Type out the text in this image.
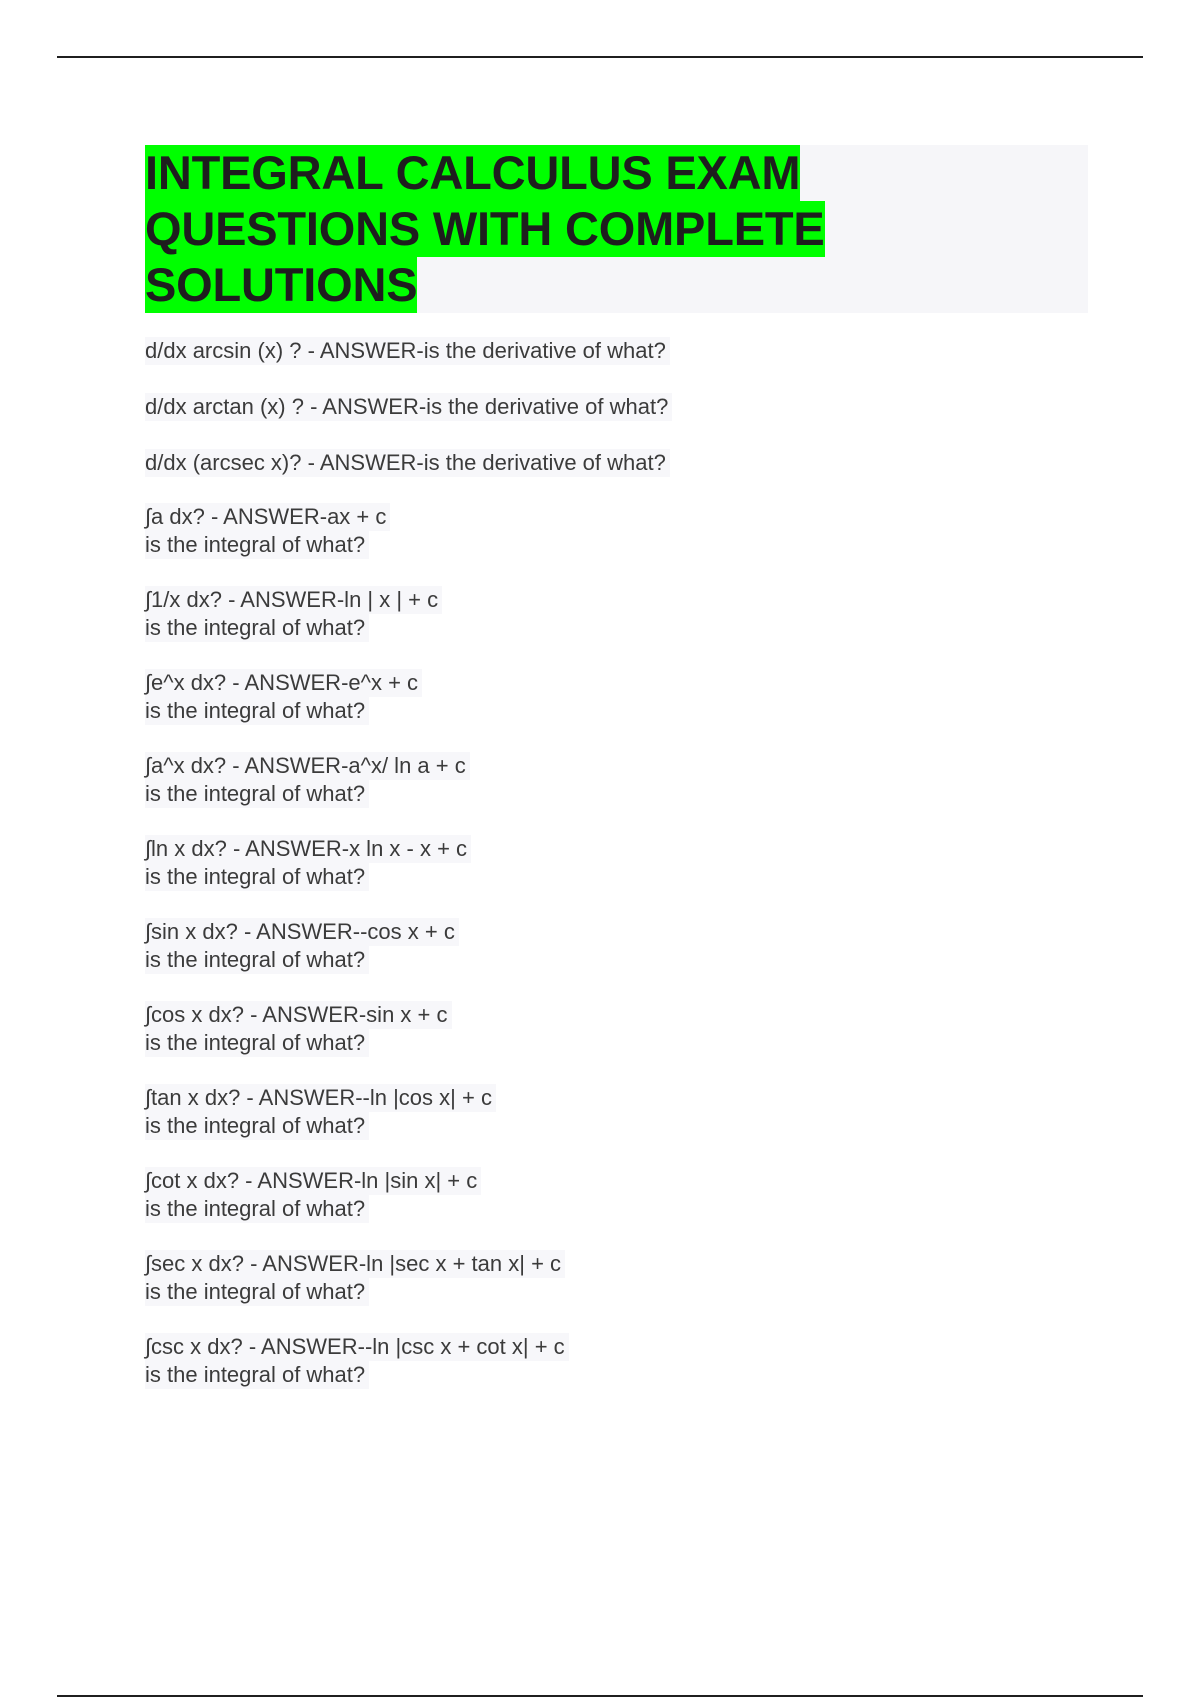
INTEGRAL CALCULUS EXAM
QUESTIONS WITH COMPLETE
SOLUTIONS
d/dx arcsin (x) ? - ANSWER-is the derivative of what?
d/dx arctan (x) ? - ANSWER-is the derivative of what?
d/dx (arcsec x)? - ANSWER-is the derivative of what?
∫a dx? - ANSWER-ax + c
is the integral of what?
∫1/x dx? - ANSWER-ln | x | + c
is the integral of what?
∫e^x dx? - ANSWER-e^x + c
is the integral of what?
∫a^x dx? - ANSWER-a^x/ ln a + c
is the integral of what?
∫ln x dx? - ANSWER-x ln x - x + c
is the integral of what?
∫sin x dx? - ANSWER--cos x + c
is the integral of what?
∫cos x dx? - ANSWER-sin x + c
is the integral of what?
∫tan x dx? - ANSWER--ln |cos x| + c
is the integral of what?
∫cot x dx? - ANSWER-ln |sin x| + c
is the integral of what?
∫sec x dx? - ANSWER-ln |sec x + tan x| + c
is the integral of what?
∫csc x dx? - ANSWER--ln |csc x + cot x| + c
is the integral of what?
